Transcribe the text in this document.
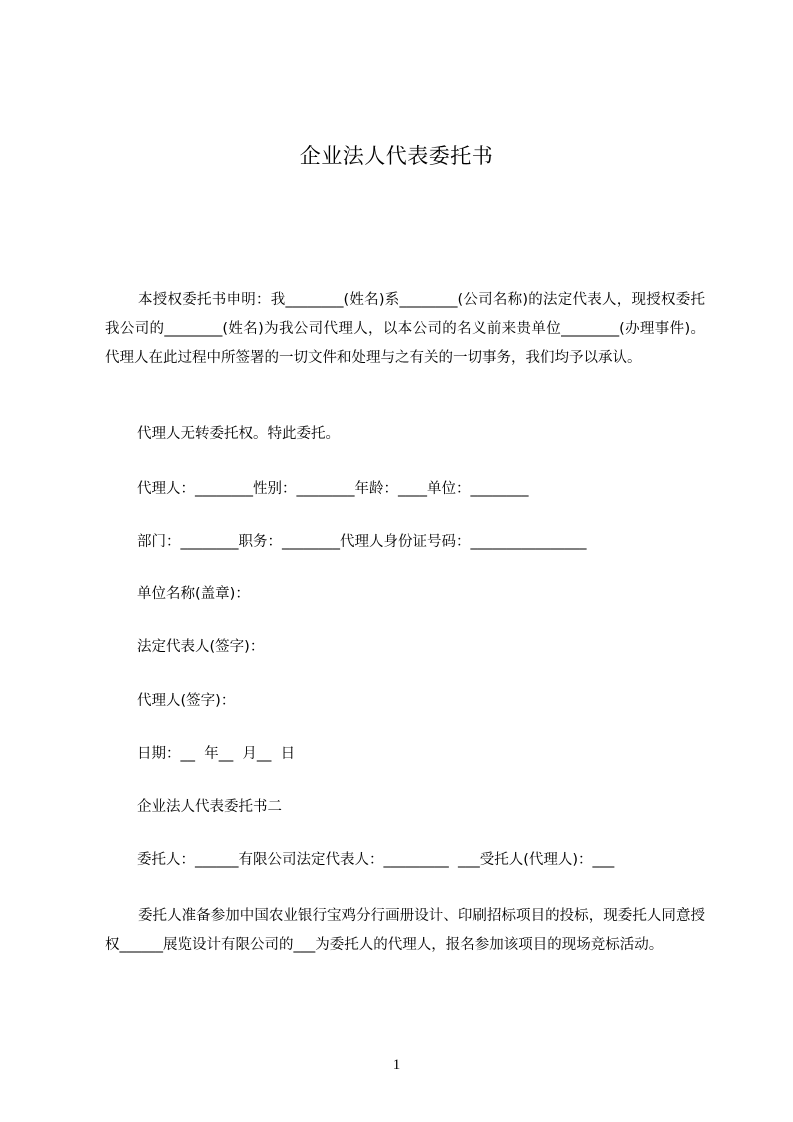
企业法人代表委托书
本授权委托书申明：我________(姓名)系________(公司名称)的法定代表人，现授权委托我公司的________(姓名)为我公司代理人，以本公司的名义前来贵单位________(办理事件)。代理人在此过程中所签署的一切文件和处理与之有关的一切事务，我们均予以承认。
代理人无转委托权。特此委托。
代理人：________性别：________年龄：____单位：________
部门：________职务：________代理人身份证号码：________________
单位名称(盖章)：
法定代表人(签字)：
代理人(签字)：
日期：__  年__  月__  日
企业法人代表委托书二
委托人：______有限公司法定代表人：_________  ___受托人(代理人)：___
委托人准备参加中国农业银行宝鸡分行画册设计、印刷招标项目的投标，现委托人同意授权______展览设计有限公司的___为委托人的代理人，报名参加该项目的现场竞标活动。
1
